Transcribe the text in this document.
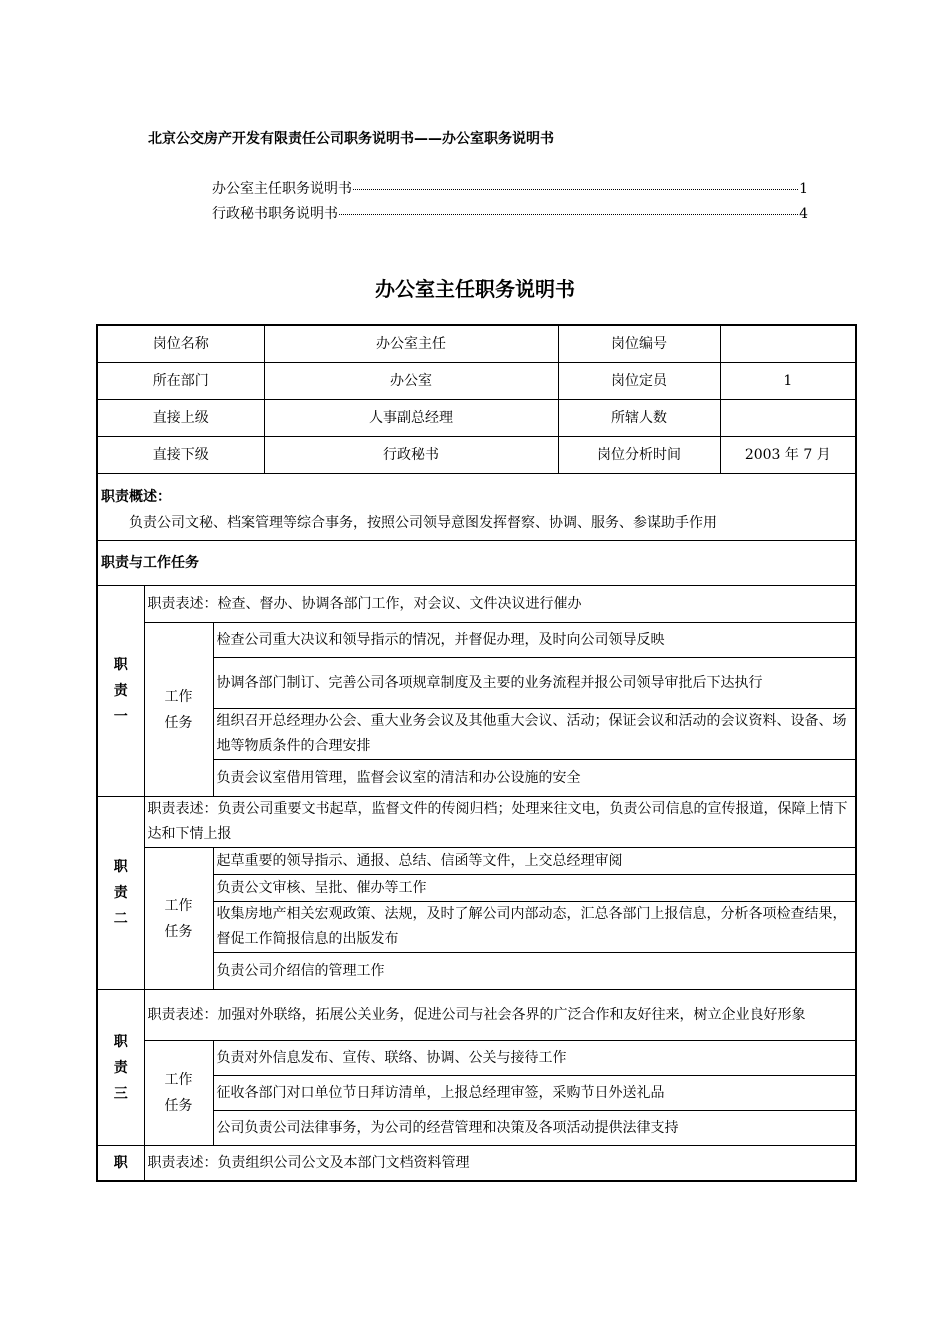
北京公交房产开发有限责任公司职务说明书——办公室职务说明书
办公室主任职务说明书	1
行政秘书职务说明书	4
办公室主任职务说明书
岗位名称			办公室主任	岗位编号	
所在部门			办公室	岗位定员	1
直接上级			人事副总经理	所辖人数	
直接下级			行政秘书	岗位分析时间	2003 年 7 月

职责概述：
负责公司文秘、档案管理等综合事务，按照公司领导意图发挥督察、协调、服务、参谋助手作用					

职责与工作任务					

职责一	职责表述：检查、督办、协调各部门工作，对会议、文件决议进行催办				

	工作任务	检查公司重大决议和领导指示的情况，并督促办理，及时向公司领导反映			
		协调各部门制订、完善公司各项规章制度及主要的业务流程并报公司领导审批后下达执行			
		组织召开总经理办公会、重大业务会议及其他重大会议、活动；保证会议和活动的会议资料、设备、场地等物质条件的合理安排			
		负责会议室借用管理，监督会议室的清洁和办公设施的安全			

职责二	职责表述：负责公司重要文书起草，监督文件的传阅归档；处理来往文电，负责公司信息的宣传报道，保障上情下达和下情上报				

	工作任务	起草重要的领导指示、通报、总结、信函等文件，上交总经理审阅			
		负责公文审核、呈批、催办等工作			
		收集房地产相关宏观政策、法规，及时了解公司内部动态，汇总各部门上报信息，分析各项检查结果，督促工作简报信息的出版发布			
		负责公司介绍信的管理工作			

职责三	职责表述：加强对外联络，拓展公关业务，促进公司与社会各界的广泛合作和友好往来，树立企业良好形象				

	工作任务	负责对外信息发布、宣传、联络、协调、公关与接待工作			
		征收各部门对口单位节日拜访清单，上报总经理审签，采购节日外送礼品			
		公司负责公司法律事务，为公司的经营管理和决策及各项活动提供法律支持			
职	职责表述：负责组织公司公文及本部门文档资料管理				
